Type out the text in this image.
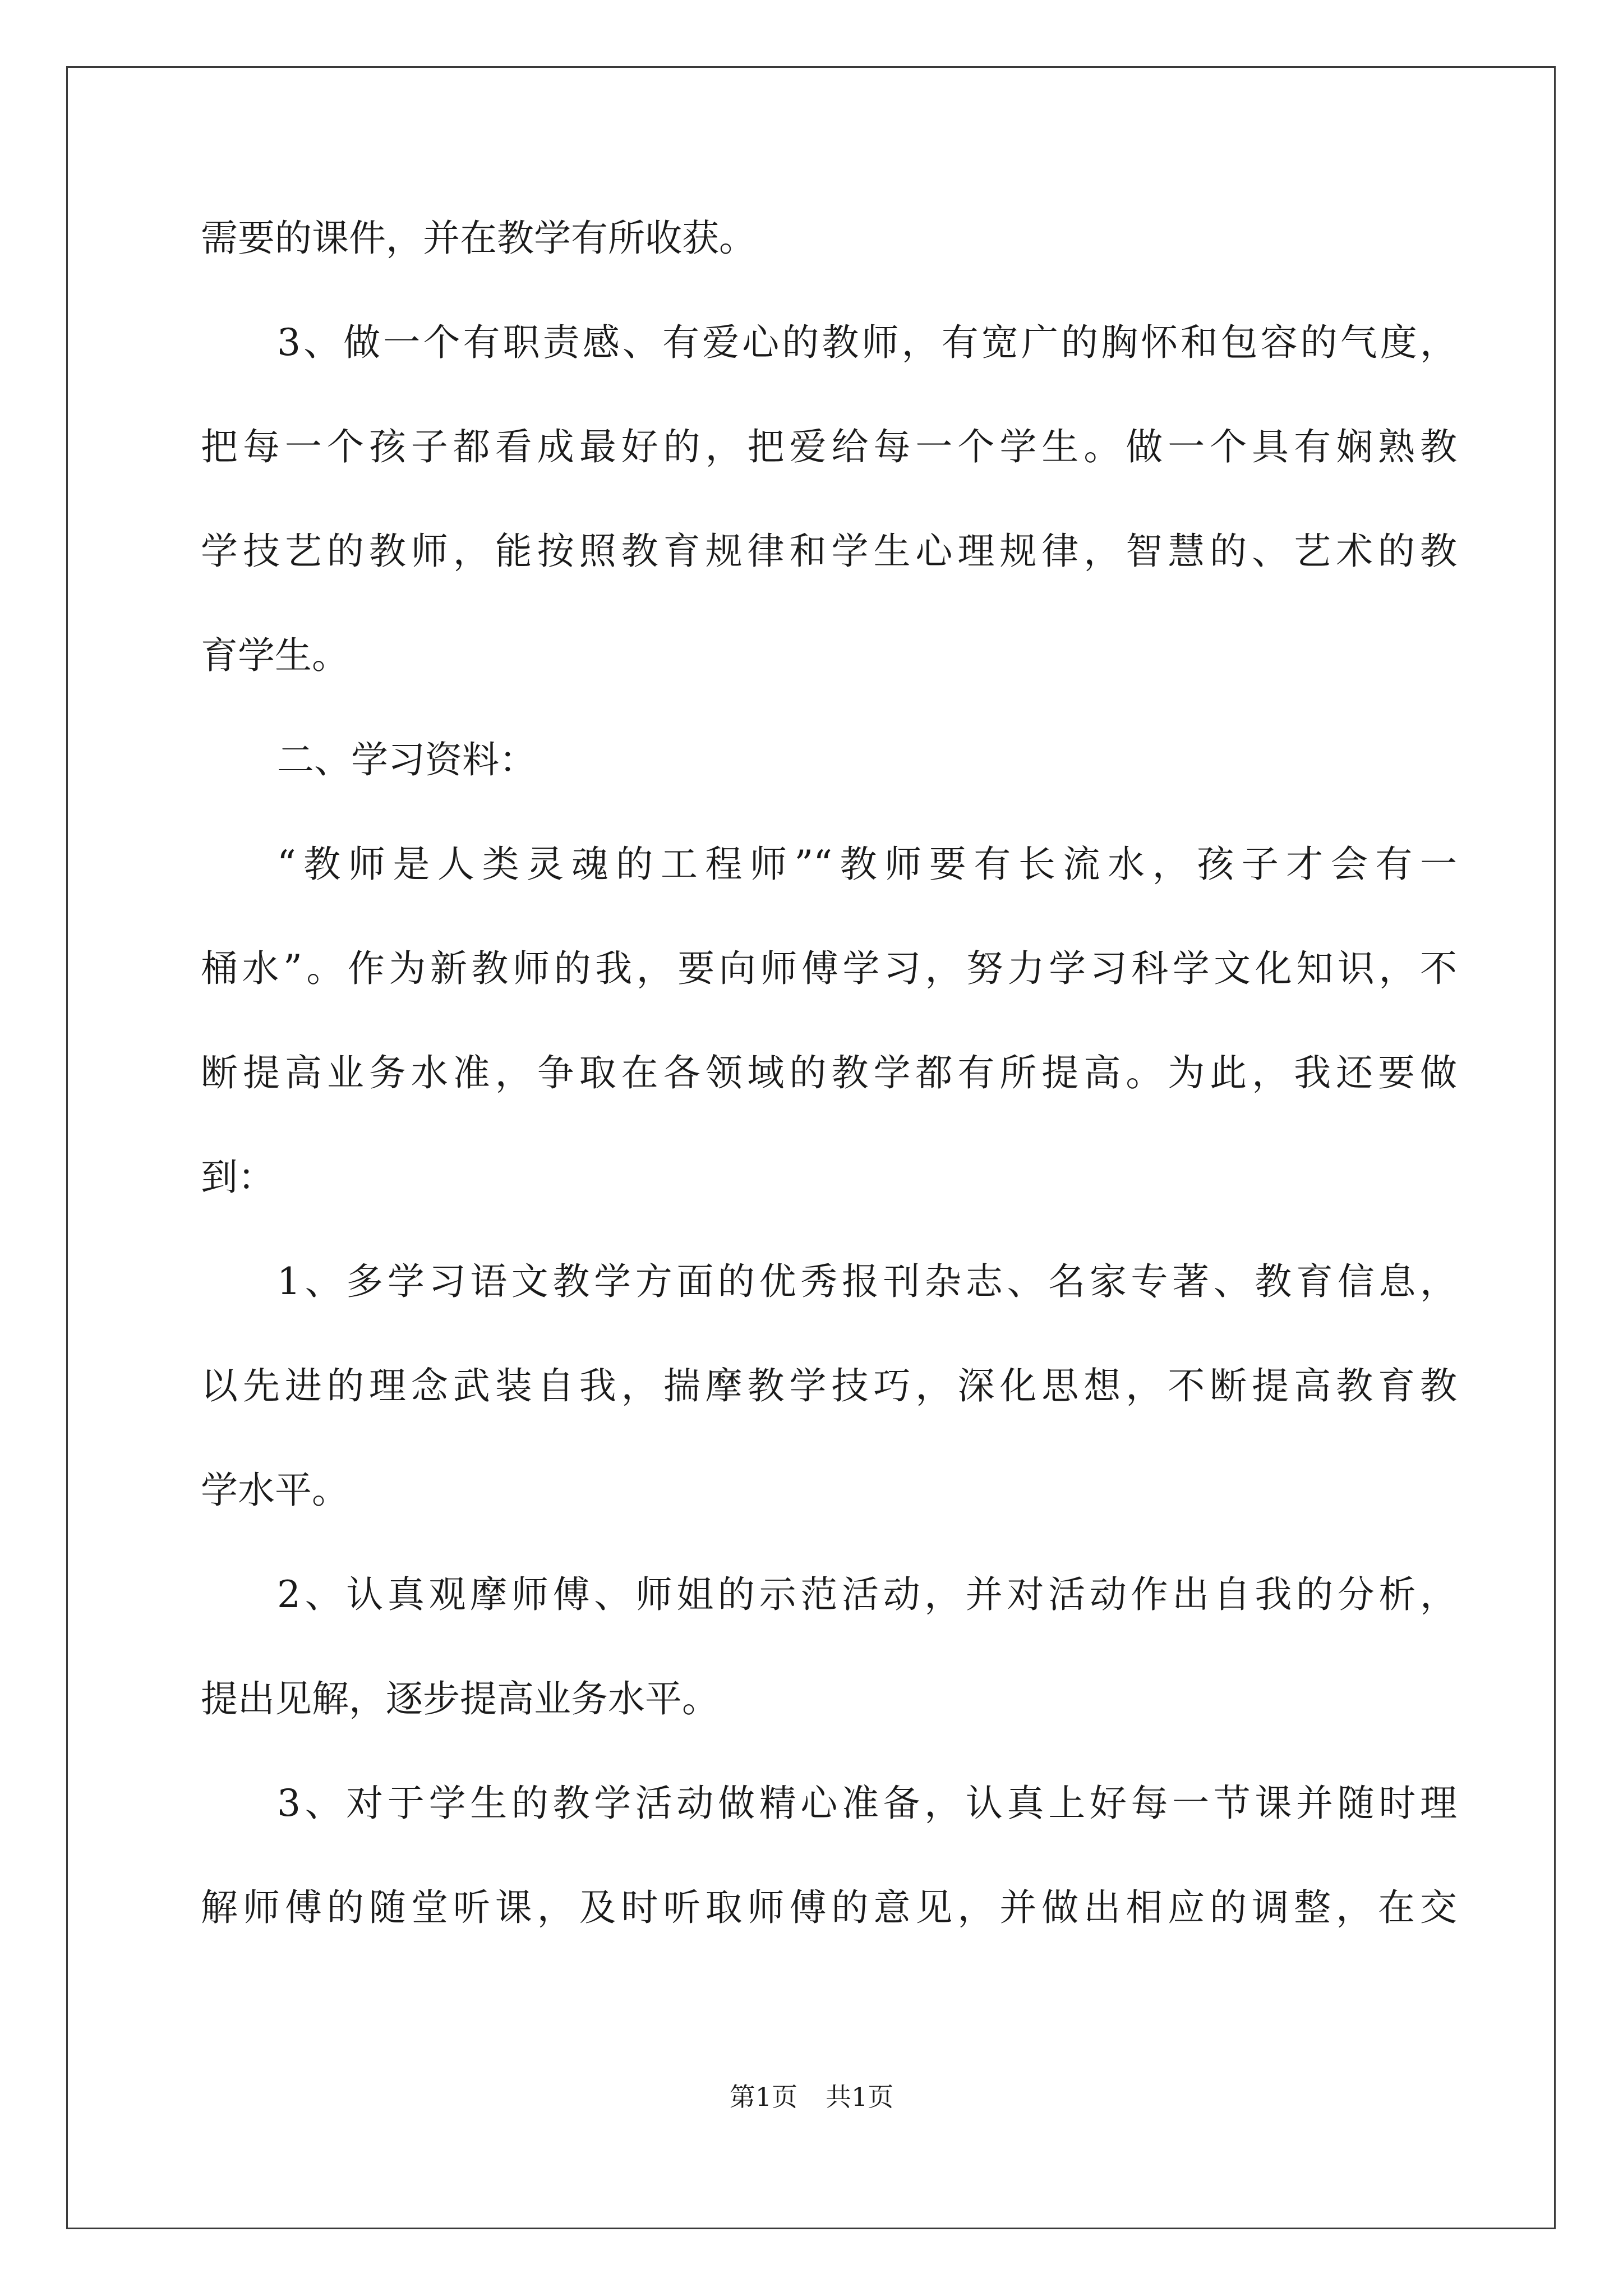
需要的课件，并在教学有所收获。
3、做一个有职责感、有爱心的教师，有宽广的胸怀和包容的气度，
把每一个孩子都看成最好的，把爱给每一个学生。做一个具有娴熟教
学技艺的教师，能按照教育规律和学生心理规律，智慧的、艺术的教
育学生。
二、学习资料：
“教师是人类灵魂的工程师”“教师要有长流水，孩子才会有一
桶水”。作为新教师的我，要向师傅学习，努力学习科学文化知识，不
断提高业务水准，争取在各领域的教学都有所提高。为此，我还要做
到：
1、多学习语文教学方面的优秀报刊杂志、名家专著、教育信息，
以先进的理念武装自我，揣摩教学技巧，深化思想，不断提高教育教
学水平。
2、认真观摩师傅、师姐的示范活动，并对活动作出自我的分析，
提出见解，逐步提高业务水平。
3、对于学生的教学活动做精心准备，认真上好每一节课并随时理
解师傅的随堂听课，及时听取师傅的意见，并做出相应的调整，在交
第1页 共1页
